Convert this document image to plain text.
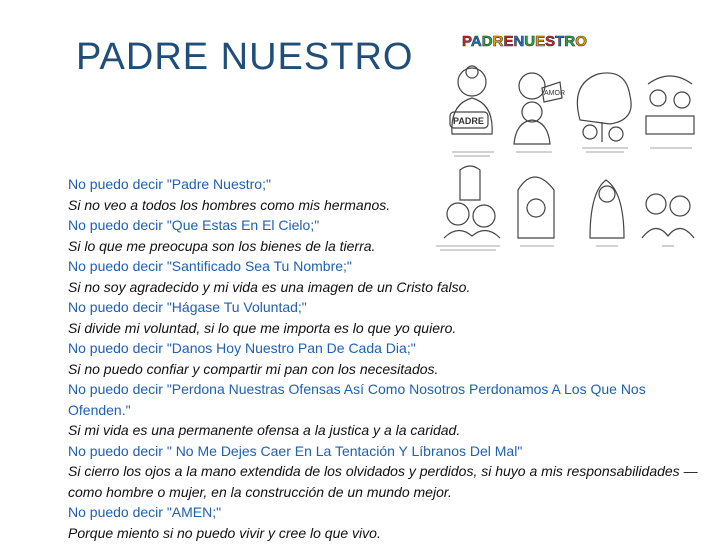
PADRE NUESTRO	PADRENUESTRO
PADRE
AMOR
No puedo decir "Padre Nuestro;"
Si no veo a todos los hombres como mis hermanos.
No puedo decir "Que Estas En El Cielo;"
Si lo que me preocupa son los bienes de la tierra.
No puedo decir "Santificado Sea Tu Nombre;"
Si no soy agradecido y mi vida es una imagen de un Cristo falso.
No puedo decir "Hágase Tu Voluntad;"
Si divide mi voluntad, si lo que me importa es lo que yo quiero.
No puedo decir "Danos Hoy Nuestro Pan De Cada Dia;"
Si no puedo confiar y compartir mi pan con los necesitados.
No puedo decir "Perdona Nuestras Ofensas Así Como Nosotros Perdonamos A Los Que Nos Ofenden."
Si mi vida es una permanente ofensa a la justica y a la caridad.
No puedo decir " No Me Dejes Caer En La Tentación Y Líbranos Del Mal"
Si cierro los ojos a la mano extendida de los olvidados y perdidos, si huyo a mis responsabilidades — como hombre o mujer, en la construcción de un mundo mejor.
No puedo decir "AMEN;"
Porque miento si no puedo vivir y cree lo que vivo.
